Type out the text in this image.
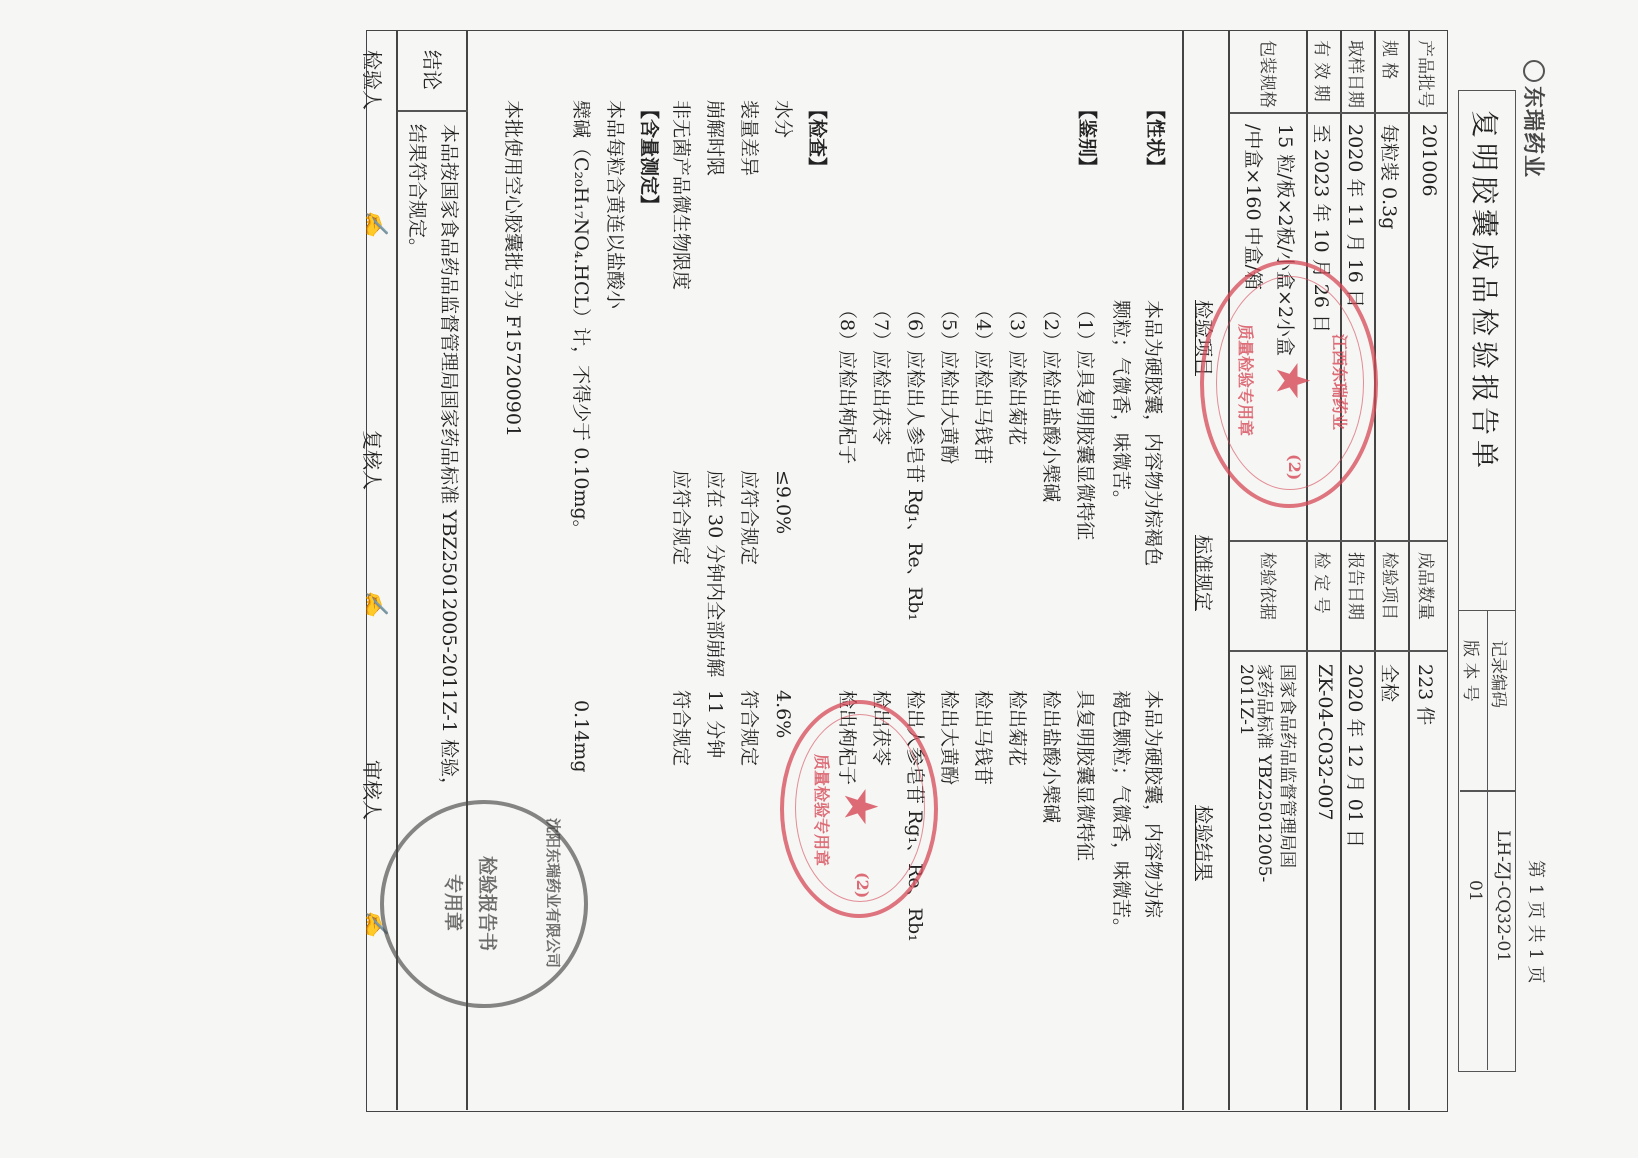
东瑞药业
第 1 页 共 1 页
复明胶囊成品检验报告单
记录编码
LH-ZJ-CQ32-01
版 本 号
01
产品批号
201006
成品数量
223 件
规 格
每粒装 0.3g
检验项目
全检
取样日期
2020 年 11 月 16 日
报告日期
2020 年 12 月 01 日
有 效 期
至 2023 年 10 月 26 日
检 定 号
ZK-04-C032-007
包装规格
15 粒/板×2板/小盒×2小盒
/中盒×160 中盒/箱
检验依据
国家食品药品监督管理局国
家药品标准 YBZ25012005-
2011Z-1
检验项目
标准规定
检验结果
【性状】
本品为硬胶囊，内容物为棕褐色
颗粒；气微香，味微苦。
本品为硬胶囊，内容物为棕
褐色颗粒；气微香，味微苦。
【鉴别】
（1）应具复明胶囊显微特征
（2）应检出盐酸小檗碱
（3）应检出菊花
（4）应检出马钱苷
（5）应检出大黄酚
（6）应检出人参皂苷 Rg₁、Re、Rb₁
（7）应检出茯苓
（8）应检出枸杞子
具复明胶囊显微特征
检出盐酸小檗碱
检出菊花
检出马钱苷
检出大黄酚
检出人参皂苷 Rg₁、Re、Rb₁
检出茯苓
检出枸杞子
【检查】
水分
≤9.0%
4.6%
装量差异
应符合规定
符合规定
崩解时限
应在 30 分钟内全部崩解
11 分钟
非无菌产品微生物限度
应符合规定
符合规定
【含量测定】
本品每粒含黄连以盐酸小
檗碱（C₂₀H₁₇NO₄.HCL）计，不得少于 0.10mg。
0.14mg
本批使用空心胶囊批号为 F157200901
结论
本品按国家食品药品监督管理局国家药品标准 YBZ25012005-2011Z-1 检验，
结果符合规定。
检验人
✍
复核人
✍
审核人
✍
★ 江西东瑞药业
质量检验专用章
(2)
★
质量检验专用章
(2)
沈阳东瑞药业有限公司
检验报告书
专用章
